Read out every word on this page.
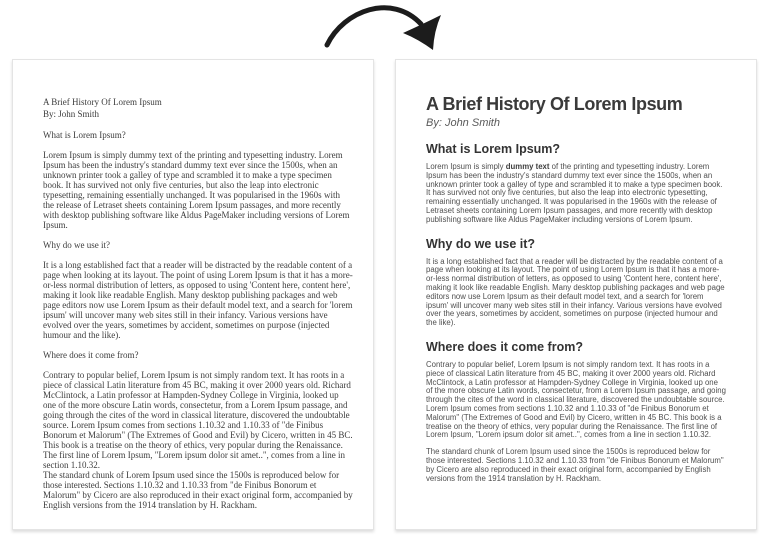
A Brief History Of Lorem Ipsum
By: John Smith
What is Lorem Ipsum?

Lorem Ipsum is simply dummy text of the printing and typesetting industry. Lorem Ipsum has been the industry's standard dummy text ever since the 1500s, when an unknown printer took a galley of type and scrambled it to make a type specimen book. It has survived not only five centuries, but also the leap into electronic typesetting, remaining essentially unchanged. It was popularised in the 1960s with the release of Letraset sheets containing Lorem Ipsum passages, and more recently with desktop publishing software like Aldus PageMaker including versions of Lorem Ipsum.

Why do we use it?

It is a long established fact that a reader will be distracted by the readable content of a page when looking at its layout. The point of using Lorem Ipsum is that it has a more-or-less normal distribution of letters, as opposed to using 'Content here, content here', making it look like readable English. Many desktop publishing packages and web page editors now use Lorem Ipsum as their default model text, and a search for 'lorem ipsum' will uncover many web sites still in their infancy. Various versions have evolved over the years, sometimes by accident, sometimes on purpose (injected humour and the like).

Where does it come from?

Contrary to popular belief, Lorem Ipsum is not simply random text. It has roots in a piece of classical Latin literature from 45 BC, making it over 2000 years old. Richard McClintock, a Latin professor at Hampden-Sydney College in Virginia, looked up one of the more obscure Latin words, consectetur, from a Lorem Ipsum passage, and going through the cites of the word in classical literature, discovered the undoubtable source. Lorem Ipsum comes from sections 1.10.32 and 1.10.33 of "de Finibus Bonorum et Malorum" (The Extremes of Good and Evil) by Cicero, written in 45 BC. This book is a treatise on the theory of ethics, very popular during the Renaissance. The first line of Lorem Ipsum, "Lorem ipsum dolor sit amet..", comes from a line in section 1.10.32.

The standard chunk of Lorem Ipsum used since the 1500s is reproduced below for those interested. Sections 1.10.32 and 1.10.33 from "de Finibus Bonorum et Malorum" by Cicero are also reproduced in their exact original form, accompanied by English versions from the 1914 translation by H. Rackham.

A Brief History Of Lorem Ipsum
By: John Smith
What is Lorem Ipsum?

Lorem Ipsum is simply dummy text of the printing and typesetting industry. Lorem Ipsum has been the industry's standard dummy text ever since the 1500s, when an unknown printer took a galley of type and scrambled it to make a type specimen book. It has survived not only five centuries, but also the leap into electronic typesetting, remaining essentially unchanged. It was popularised in the 1960s with the release of Letraset sheets containing Lorem Ipsum passages, and more recently with desktop publishing software like Aldus PageMaker including versions of Lorem Ipsum.

Why do we use it?

It is a long established fact that a reader will be distracted by the readable content of a page when looking at its layout. The point of using Lorem Ipsum is that it has a more-or-less normal distribution of letters, as opposed to using 'Content here, content here', making it look like readable English. Many desktop publishing packages and web page editors now use Lorem Ipsum as their default model text, and a search for 'lorem ipsum' will uncover many web sites still in their infancy. Various versions have evolved over the years, sometimes by accident, sometimes on purpose (injected humour and the like).

Where does it come from?

Contrary to popular belief, Lorem Ipsum is not simply random text. It has roots in a piece of classical Latin literature from 45 BC, making it over 2000 years old. Richard McClintock, a Latin professor at Hampden-Sydney College in Virginia, looked up one of the more obscure Latin words, consectetur, from a Lorem Ipsum passage, and going through the cites of the word in classical literature, discovered the undoubtable source. Lorem Ipsum comes from sections 1.10.32 and 1.10.33 of "de Finibus Bonorum et Malorum" (The Extremes of Good and Evil) by Cicero, written in 45 BC. This book is a treatise on the theory of ethics, very popular during the Renaissance. The first line of Lorem Ipsum, "Lorem ipsum dolor sit amet..", comes from a line in section 1.10.32.

The standard chunk of Lorem Ipsum used since the 1500s is reproduced below for those interested. Sections 1.10.32 and 1.10.33 from "de Finibus Bonorum et Malorum" by Cicero are also reproduced in their exact original form, accompanied by English versions from the 1914 translation by H. Rackham.
